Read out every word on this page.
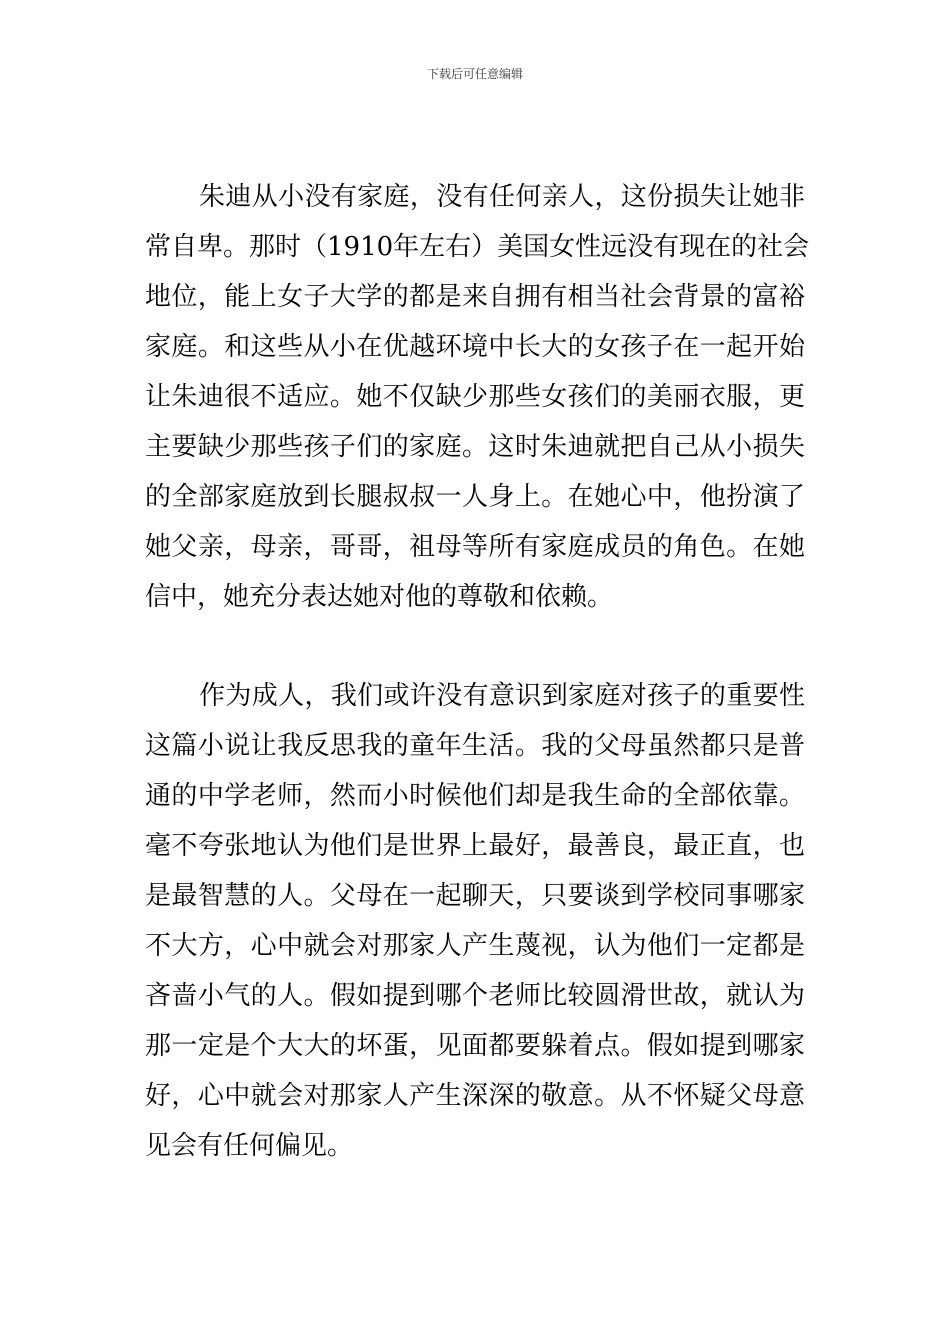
下载后可任意编辑
朱迪从小没有家庭，没有任何亲人，这份损失让她非
常自卑。那时（1910年左右）美国女性远没有现在的社会
地位，能上女子大学的都是来自拥有相当社会背景的富裕
家庭。和这些从小在优越环境中长大的女孩子在一起开始
让朱迪很不适应。她不仅缺少那些女孩们的美丽衣服，更
主要缺少那些孩子们的家庭。这时朱迪就把自己从小损失
的全部家庭放到长腿叔叔一人身上。在她心中，他扮演了
她父亲，母亲，哥哥，祖母等所有家庭成员的角色。在她
信中，她充分表达她对他的尊敬和依赖。
作为成人，我们或许没有意识到家庭对孩子的重要性
这篇小说让我反思我的童年生活。我的父母虽然都只是普
通的中学老师，然而小时候他们却是我生命的全部依靠。
毫不夸张地认为他们是世界上最好，最善良，最正直，也
是最智慧的人。父母在一起聊天，只要谈到学校同事哪家
不大方，心中就会对那家人产生蔑视，认为他们一定都是
吝啬小气的人。假如提到哪个老师比较圆滑世故，就认为
那一定是个大大的坏蛋，见面都要躲着点。假如提到哪家
好，心中就会对那家人产生深深的敬意。从不怀疑父母意
见会有任何偏见。
